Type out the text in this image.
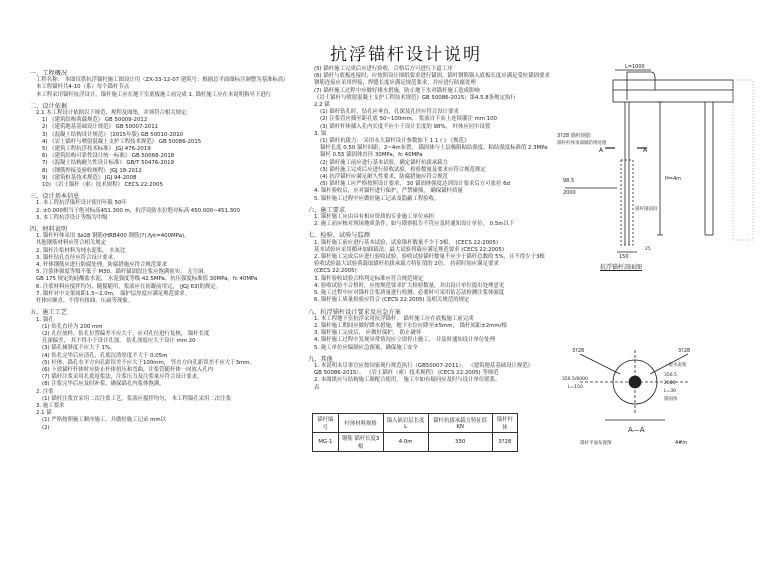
抗浮锚杆设计说明
一、工程概况
工程名称： 本图仅供抗浮锚杆施工图设计用（ZX-33-12-07 建筑号：根据总平面图标注调整为基准标高）
本工程锚杆共4-10（系）每个锚杆节点
本工程采用锚杆抗浮设计，锚杆施工应在地下室底板施工前完成 1. 锚杆施工应在本说明指导下进行
二、设计依据
2.1 本工程设计依据以下规范、规程及图集，并须符合相关规定：
1) 《建筑结构荷载规范》 GB 50009-2012
2) 《建筑地基基础设计规范》 GB 50007-2011
3) 《混凝土结构设计规范》 (2015年版) GB 50010-2010
4) 《岩土锚杆与喷射混凝土支护工程技术规范》 GB 50086-2015
5) 《建筑工程抗浮技术标准》 JGJ 476-2019
6) 《建筑结构可靠性设计统一标准》 GB 50068-2018
7) 《混凝土结构耐久性设计标准》 GB/T 50476-2019
8) 《钢筋焊接及验收规程》 JGJ 18-2012
9) 《建筑桩基技术规范》 JGJ 94-2008
10) 《岩土锚杆（索）技术规程》 CECS 22:2005
三、设计基本信息
1. 本工程抗浮锚杆设计使用年限 50年
2. ±0.000相当于绝对标高451.300 m，抗浮设防水位绝对标高 450.000~451.300
3. 本工程抗浮设计等级为甲级
四、材料说明
1. 锚杆杆体采用 3⌀28 钢筋(HRB400 钢筋(?),fyk=400MPa)。
其他钢筋材料应符合相关规定
2. 锚杆注浆材料为纯水泥浆， 水灰比
3. 锚杆钻孔直径应符合设计要求。
4. 杆体钢筋应进行防腐处理，防腐措施应符合规范要求
5. 注浆体强度等级不低于 M30，锚杆锚固段注浆应饱满密实， 无空洞。
GB 175 规定的硅酸盐水泥， 水泥强度等级 42.5MPa，抗压强度标准值 30MPa，fc 40MPa
6. 注浆材料应搅拌均匀，随搅随用，浆液应在初凝前用完， (JGJ 63)的规定。
7. 锚杆对中支架间距1.5~2.0m， 保护层厚度应满足规范要求。
杆体应顺直，不得有扭曲、压扁等现象。
五、施工工艺
1. 锚孔
(1) 钻孔直径为 200 mm
(2) 孔位放样，钻孔位置偏差不应大于，应对孔位进行复核， 锚杆长度
孔深偏差， 其不得小于设计孔深， 钻孔深度应大于设计 mm 20
(3) 锚孔倾斜度不应大于 1%。
(4) 钻孔完毕后应清孔，孔底沉渣厚度不大于 0.05m
(5) 杆体，锚孔水平方向孔距误差不应大于100mm， 竖直方向孔距误差不应大于3mm。
(6) 下放锚杆杆体时应防止杆体扭压和弯曲，注浆管随杆体一同放入孔内
(7) 锚杆注浆采用孔底返浆法，注浆压力及注浆量应符合设计要求。
(8) 注浆完毕后应及时补浆，确保锚孔内浆体饱满。
2. 注浆
(1) 锚杆注浆宜采用二次注浆工艺，浆液应搅拌均匀， 本工程锚孔采用二次注浆
3. 施工要求
2.1 锚
(1) 严格按照施工顺序施工，并做好施工记录 mm以
(2)
(5) 锚杆施工完成后应进行验收，合格后方可进行下道工序
(6) 锚杆与底板连接时，应按照设计图纸要求进行锚固，锚杆钢筋锚入底板长度应满足受拉锚固要求
钢筋连接应采用焊接，焊缝长度应满足规范要求，并应进行防腐处理
(7) 锚杆施工过程中应做好排水措施，防止地下水对锚杆施工造成影响
《岩土锚杆与喷射混凝土支护工程技术规范》GB 50086-2015）第4.5.8条规定执行
2.2 锚
(1) 锚杆钻孔时，钻孔应垂直，孔深及孔径应符合设计要求
(2) 注浆管应插至距孔底 50~100mm， 浆液自下而上连续灌注 mm 100
(3) 锚杆杆体插入孔内长度不应小于设计长度的 98%， 杆体应居中设置
3. 锚
(1) 锚杆抗拔力： 采用永久锚杆设计参数如下 1.1 ( ) 《规范》
锚杆长度 0.50 锚杆间距，2~4m布置， 锚固体与土层极限粘结强度，粘结强度标准值 2.3MPa
锚杆 0.55 锚固体直径 30MPa，fc 40MPa
(2) 锚杆施工前应进行基本试验，确定锚杆抗拔承载力
(3) 锚杆施工完成后应进行验收试验，检验数量及要求应符合规范规定
(4) 抗浮锚杆应满足耐久性要求，防腐措施应符合规范
(5) 锚杆施工应严格按照设计要求， 30 锚固体强度达到设计要求后方可张拉 6d
4. 锚杆验收后，应对锚杆进行保护，严禁碰撞， 确保锚杆质量
5. 锚杆施工过程中应做好施工记录及隐蔽工程验收。
六、施工要求
1. 锚杆施工应由具有相应资质的专业施工单位承担
2. 施工前应核对现场地质条件，如与勘察报告不符应及时通知设计单位， 0.5m以下
七、检验、试验与监测
1. 锚杆施工前应进行基本试验，试验锚杆数量不少于3根， (CECS 22:2005)
基本试验应采用循环加卸载法，最大试验荷载应满足规范要求 (CECS 22:2005)
2. 锚杆施工完成后应进行验收试验，验收试验锚杆数量不应少于锚杆总数的 5%，且不得少于3根
验收试验最大试验荷载取锚杆抗拔承载力特征值的 2倍， 持荷时间应满足要求
(CECS 22:2005)
3. 锚杆验收试验合格判定标准应符合规范规定
4. 验收试验不合格时，应按规范要求扩大检验数量，并由设计单位提出处理意见
5. 施工过程中应对锚杆注浆质量进行检测，必要时可采用钻芯法检测注浆体强度
6. 锚杆施工质量检验应符合 (CECS 22:2005) 及相关规范的规定
八、抗浮锚杆设计要求及应急方案
1. 本工程地下室抗浮采用抗浮锚杆， 锚杆施工应在底板施工前完成
2. 锚杆施工期间应做好降水措施，地下水位应降至±5mm， 锚杆间距±2mm/根
3. 锚杆施工完成后， 应做好保护， 防止破坏
4. 锚杆施工过程中发现异常情况应立即停止施工， 并及时通知设计单位处理
5. 施工单位应编制应急预案，确保施工安全
九、其他
1. 本说明未尽事宜应按国家现行规范执行（GB50007-2011）， 《建筑地基基础设计规范》
GB 50086-2015）， 《岩土锚杆（索）技术规程》 (CECS 22:2005) 等规范
2. 本图纸应与结构施工图配合使用， 施工中如有疑问应及时与设计单位联系。
表
锚杆编号	杆体材料规格	锚入嵌岩层长度 L	锚杆抗拔承载力特征值 KN	锚杆杆体
MG-1	钢筋 锚杆长度3根	4.0m	330	3?28
L=1000
3?28 锚杆钢筋
锚杆杆体顶部做防锈处理
A	A
98.5
2000
H=4m
锚杆锚固段
150
25
抗浮锚杆剖面图
3?28	3?28
356.5/6000
L=150
一般水泥浆
356.5
2000
L=30
锚固体
A—A
锚杆平面布置图	4#m
